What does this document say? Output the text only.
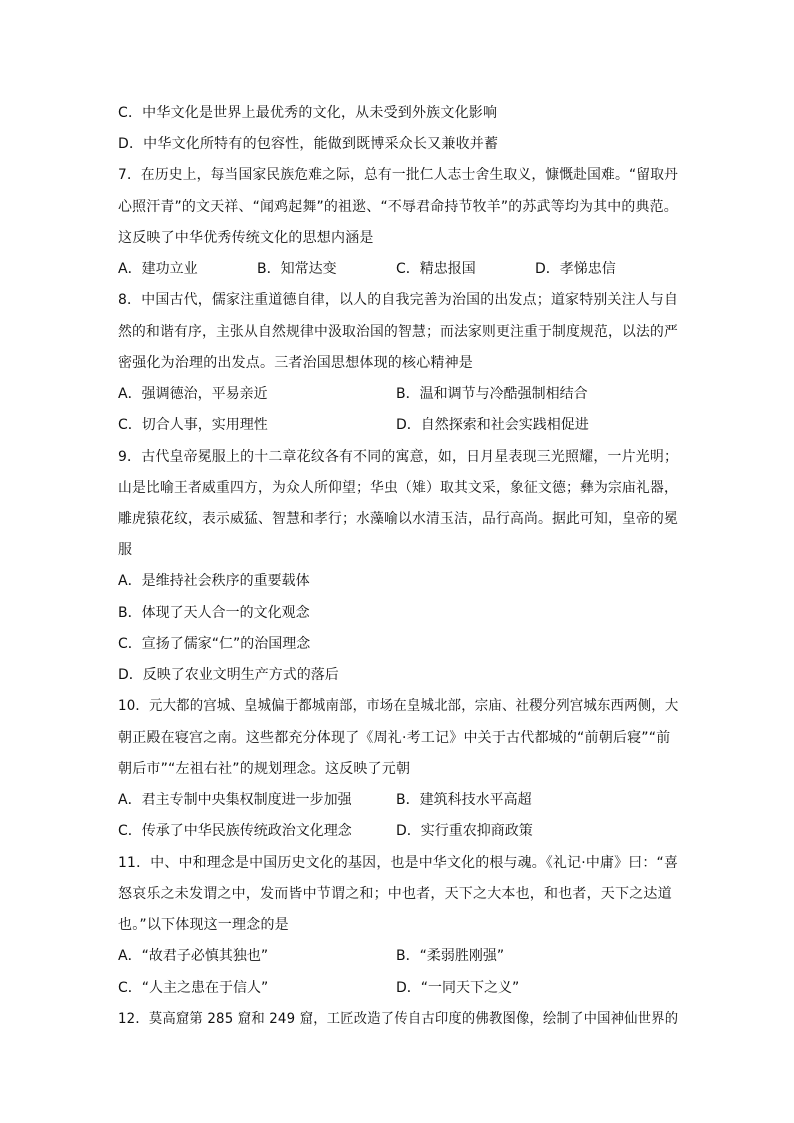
C．中华文化是世界上最优秀的文化，从未受到外族文化影响
D．中华文化所特有的包容性，能做到既博采众长又兼收并蓄
7．在历史上，每当国家民族危难之际，总有一批仁人志士舍生取义，慷慨赴国难。“留取丹
心照汗青”的文天祥、“闻鸡起舞”的祖逖、“不辱君命持节牧羊”的苏武等均为其中的典范。
这反映了中华优秀传统文化的思想内涵是
A．建功立业	B．知常达变	C．精忠报国	D．孝悌忠信
8．中国古代，儒家注重道德自律，以人的自我完善为治国的出发点；道家特别关注人与自
然的和谐有序，主张从自然规律中汲取治国的智慧；而法家则更注重于制度规范，以法的严
密强化为治理的出发点。三者治国思想体现的核心精神是
A．强调德治，平易亲近	B．温和调节与冷酷强制相结合
C．切合人事，实用理性	D．自然探索和社会实践相促进
9．古代皇帝冕服上的十二章花纹各有不同的寓意，如，日月星表现三光照耀，一片光明；
山是比喻王者威重四方，为众人所仰望；华虫（雉）取其文采，象征文德；彝为宗庙礼器，
雕虎猿花纹，表示威猛、智慧和孝行；水藻喻以水清玉洁，品行高尚。据此可知，皇帝的冕
服
A．是维持社会秩序的重要载体
B．体现了天人合一的文化观念
C．宣扬了儒家“仁”的治国理念
D．反映了农业文明生产方式的落后
10．元大都的宫城、皇城偏于都城南部，市场在皇城北部，宗庙、社稷分列宫城东西两侧，大
朝正殿在寝宫之南。这些都充分体现了《周礼·考工记》中关于古代都城的“前朝后寝”“前
朝后市”“左祖右社”的规划理念。这反映了元朝
A．君主专制中央集权制度进一步加强	B．建筑科技水平高超
C．传承了中华民族传统政治文化理念	D．实行重农抑商政策
11．中、中和理念是中国历史文化的基因，也是中华文化的根与魂。《礼记·中庸》曰：“喜
怒哀乐之未发谓之中，发而皆中节谓之和；中也者，天下之大本也，和也者，天下之达道
也。”以下体现这一理念的是
A．“故君子必慎其独也”	B．“柔弱胜刚强”
C．“人主之患在于信人”	D．“一同天下之义”
12．莫高窟第 285 窟和 249 窟，工匠改造了传自古印度的佛教图像，绘制了中国神仙世界的
